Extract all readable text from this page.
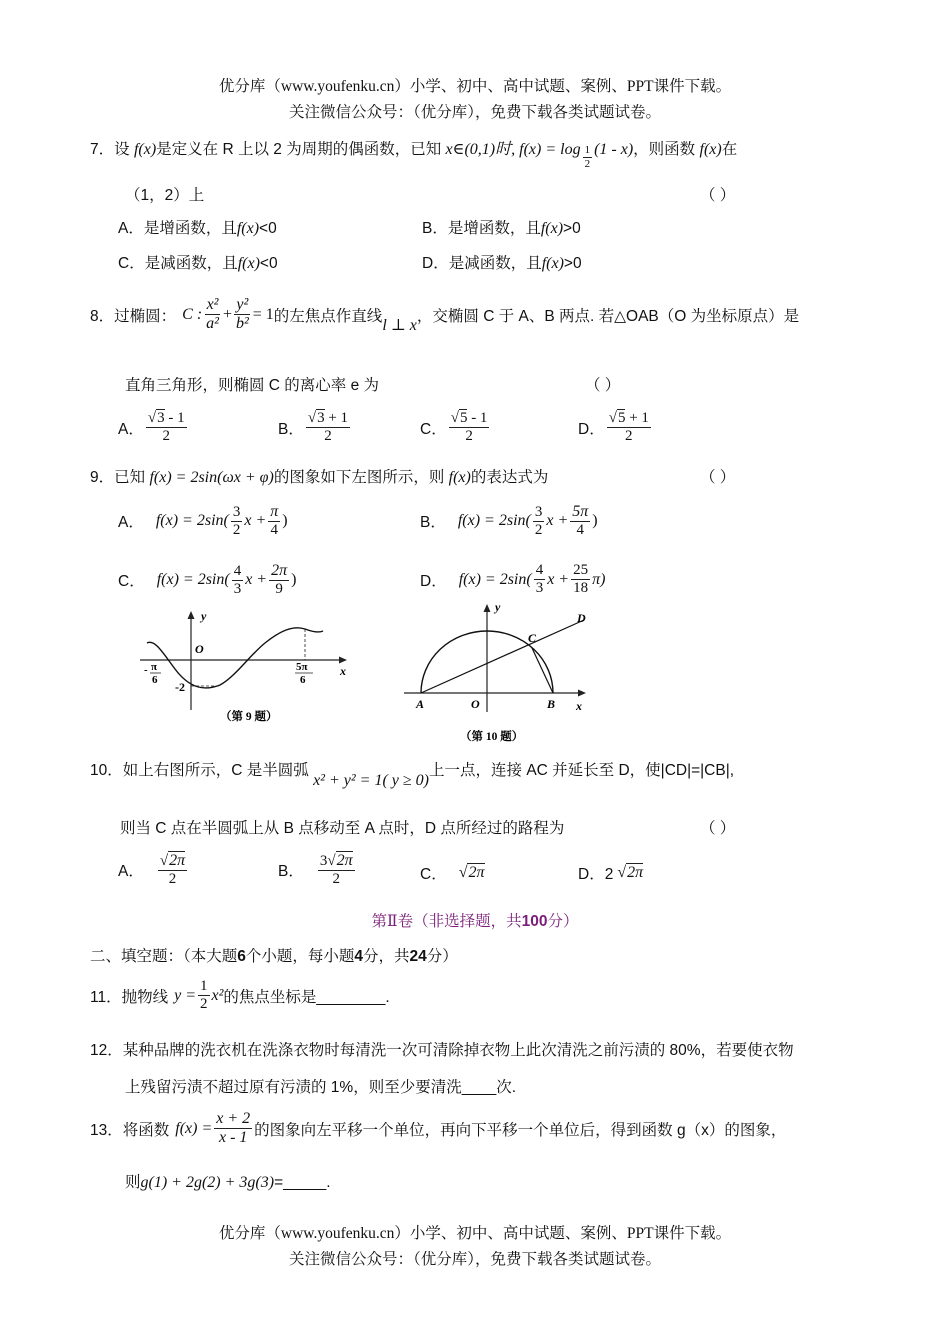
优分库（www.youfenku.cn）小学、初中、高中试题、案例、PPT课件下载。
关注微信公众号：（优分库），免费下载各类试题试卷。
7．设 f(x)是定义在 R 上以 2 为周期的偶函数，已知 x∈(0,1)时, $f(x) = \log \frac{1}{2} (1 - x)$，则函数 f(x)在
（1，2）上	（ ）
A．是增函数，且f(x)<0	B．是增函数，且f(x)>0
C．是减函数，且f(x)<0	D．是减函数，且f(x)>0
8． 过椭圆： C : $\frac{\text{x²}}{\text{a²}} + \frac{\text{y²}}{\text{b²}} = 1$ 的左焦点作直线
l ⊥ x
，交椭圆 C 于 A、B 两点. 若△OAB（O 为坐标原点）是
直角三角形，则椭圆 C 的离心率 e 为	（ ）
A． $\frac{√3 - 1}{2}$	B． $\frac{√3 + 1}{2}$	C． $\frac{√5 - 1}{2}$	D． $\frac{√5 + 1}{2}$
9．已知 f(x) = 2sin(ωx + φ)的图象如下左图所示，则 f(x)的表达式为	（ ）
A． $f(x) = 2\sin( \frac{3}{2}$ $x + \frac{\pi}{4}$ )	B． $f(x) = 2\sin( \frac{3}{2}$ $x + \frac{5\pi}{4}$ )
C． $f(x) = 2\sin( \frac{4}{3}$ $x + \frac{2\pi}{9}$ )	D． $f(x) = 2\sin( \frac{4}{3}$ $x + \frac{25}{18} \pi$)
y
x
O
-2
- π
6
5π
6
（第 9 题）
y
x
A	O	B
C
D
（第 10 题）
10．如上右图所示，C 是半圆弧 x² + y² = 1( y ≥ 0)上一点，连接 AC 并延长至 D，使|CD|=|CB|,
则当 C 点在半圆弧上从 B 点移动至 A 点时，D 点所经过的路程为	（ ）
A． $\frac{√2\pi}{2}$	B． $\frac{3√2\pi}{2}$	C． √2π	D．2 √2π
第Ⅱ卷（非选择题，共100分）
二、填空题：（本大题6个小题，每小题4分，共24分）
11． 抛物线 $y = \frac{1}{2} x^2$ 的焦点坐标是________.
12．某种品牌的洗衣机在洗涤衣物时每清洗一次可清除掉衣物上此次清洗之前污渍的 80%，若要使衣物
上残留污渍不超过原有污渍的 1%，则至少要清洗____次.
13． 将函数 $f(x) = \frac{x + 2}{x - 1}$ 的图象向左平移一个单位，再向下平移一个单位后，得到函数 g（x）的图象，
则g(1) + 2g(2) + 3g(3)=_____.
优分库（www.youfenku.cn）小学、初中、高中试题、案例、PPT课件下载。
关注微信公众号：（优分库），免费下载各类试题试卷。
